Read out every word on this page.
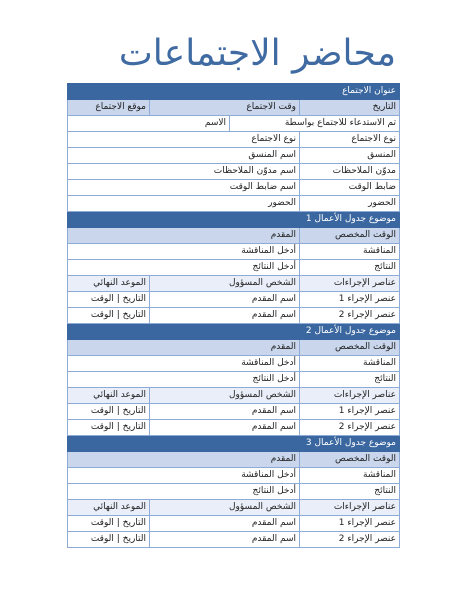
محاضر الاجتماعات
عنوان الاجتماع			
التاريخ	وقت الاجتماع		موقع الاجتماع
تم الاستدعاء للاجتماع بواسطة		الاسم	
نوع الاجتماع	نوع الاجتماع		
المنسق	اسم المنسق		
مدوّن الملاحظات	اسم مدوّن الملاحظات		
ضابط الوقت	اسم ضابط الوقت		
الحضور	الحضور		
موضوع جدول الأعمال 1			
الوقت المخصص	المقدم		
المناقشة	أدخل المناقشة		
النتائج	أدخل النتائج		
عناصر الإجراءات	الشخص المسؤول		الموعد النهائي
عنصر الإجراء 1	اسم المقدم		التاريخ | الوقت
عنصر الإجراء 2	اسم المقدم		التاريخ | الوقت
موضوع جدول الأعمال 2			
الوقت المخصص	المقدم		
المناقشة	أدخل المناقشة		
النتائج	أدخل النتائج		
عناصر الإجراءات	الشخص المسؤول		الموعد النهائي
عنصر الإجراء 1	اسم المقدم		التاريخ | الوقت
عنصر الإجراء 2	اسم المقدم		التاريخ | الوقت
موضوع جدول الأعمال 3			
الوقت المخصص	المقدم		
المناقشة	أدخل المناقشة		
النتائج	أدخل النتائج		
عناصر الإجراءات	الشخص المسؤول		الموعد النهائي
عنصر الإجراء 1	اسم المقدم		التاريخ | الوقت
عنصر الإجراء 2	اسم المقدم		التاريخ | الوقت
